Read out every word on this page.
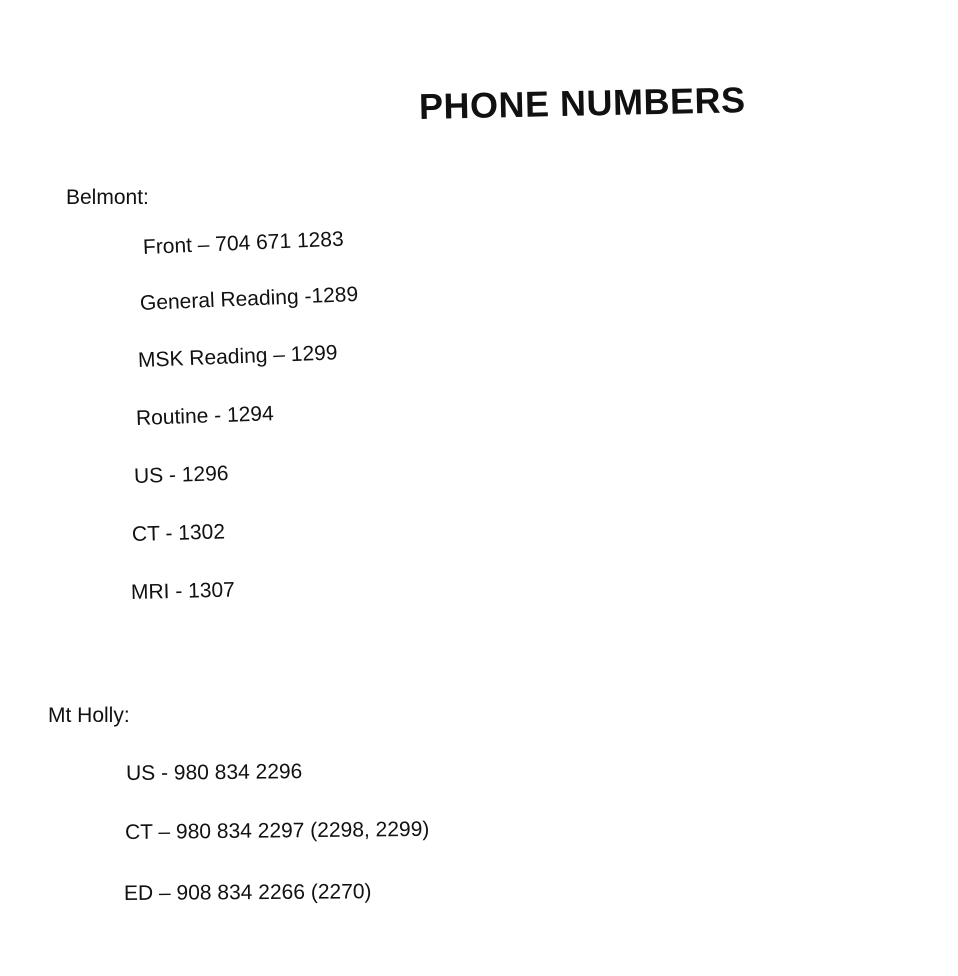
PHONE NUMBERS
Belmont:
Front – 704 671 1283
General Reading -1289
MSK Reading – 1299
Routine - 1294
US - 1296
CT - 1302
MRI - 1307
Mt Holly:
US - 980 834 2296
CT – 980 834 2297 (2298, 2299)
ED – 908 834 2266 (2270)
